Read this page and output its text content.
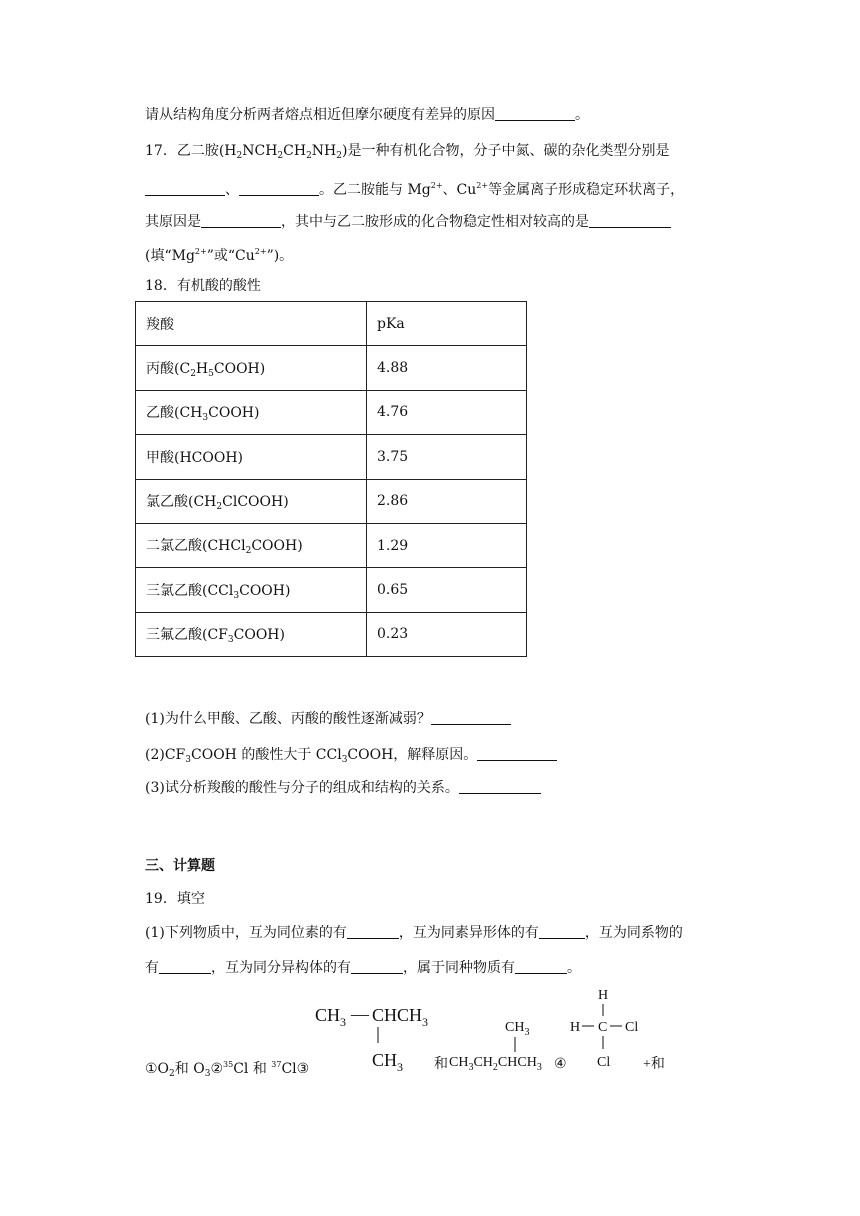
请从结构角度分析两者熔点相近但摩尔硬度有差异的原因	。
17．乙二胺$(H_2NCH_2CH_2NH_2)$是一种有机化合物，分子中氮、碳的杂化类型分别是
、	。乙二胺能与 $Mg^{2+}$、$Cu^{2+}$等金属离子形成稳定环状离子，
其原因是	，其中与乙二胺形成的化合物稳定性相对较高的是
(填“$Mg^{2+}$”或“$Cu^{2+}$”)。
18．有机酸的酸性
羧酸	pKa
丙酸$(C_2H_5COOH)$	4.88
乙酸$(CH_3COOH)$	4.76
甲酸(HCOOH)	3.75
氯乙酸$(CH_2ClCOOH)$	2.86
二氯乙酸(CHCl$_2$COOH)	1.29
三氯乙酸(CCl$_3$COOH)	0.65
三氟乙酸$(CF_3COOH)$	0.23
(1)为什么甲酸、乙酸、丙酸的酸性逐渐减弱？
$(2)CF_3COOH$ 的酸性大于 CCl$_3$COOH，解释原因。
(3)试分析羧酸的酸性与分子的组成和结构的关系。
三、计算题
19．填空
(1)下列物质中，互为同位素的有	，互为同素异形体的有	，互为同系物的
有	，互为同分异构体的有	，属于同种物质有	。
$①O_2$和 $O_3②^{35}Cl$ 和 $^{37}$Cl③
$CH_3$ — $CHCH_3$
$CH_3$ 和
$CH_3$
$CH_3CH_2CHCH_3$ ④
H
H C Cl
Cl +和
